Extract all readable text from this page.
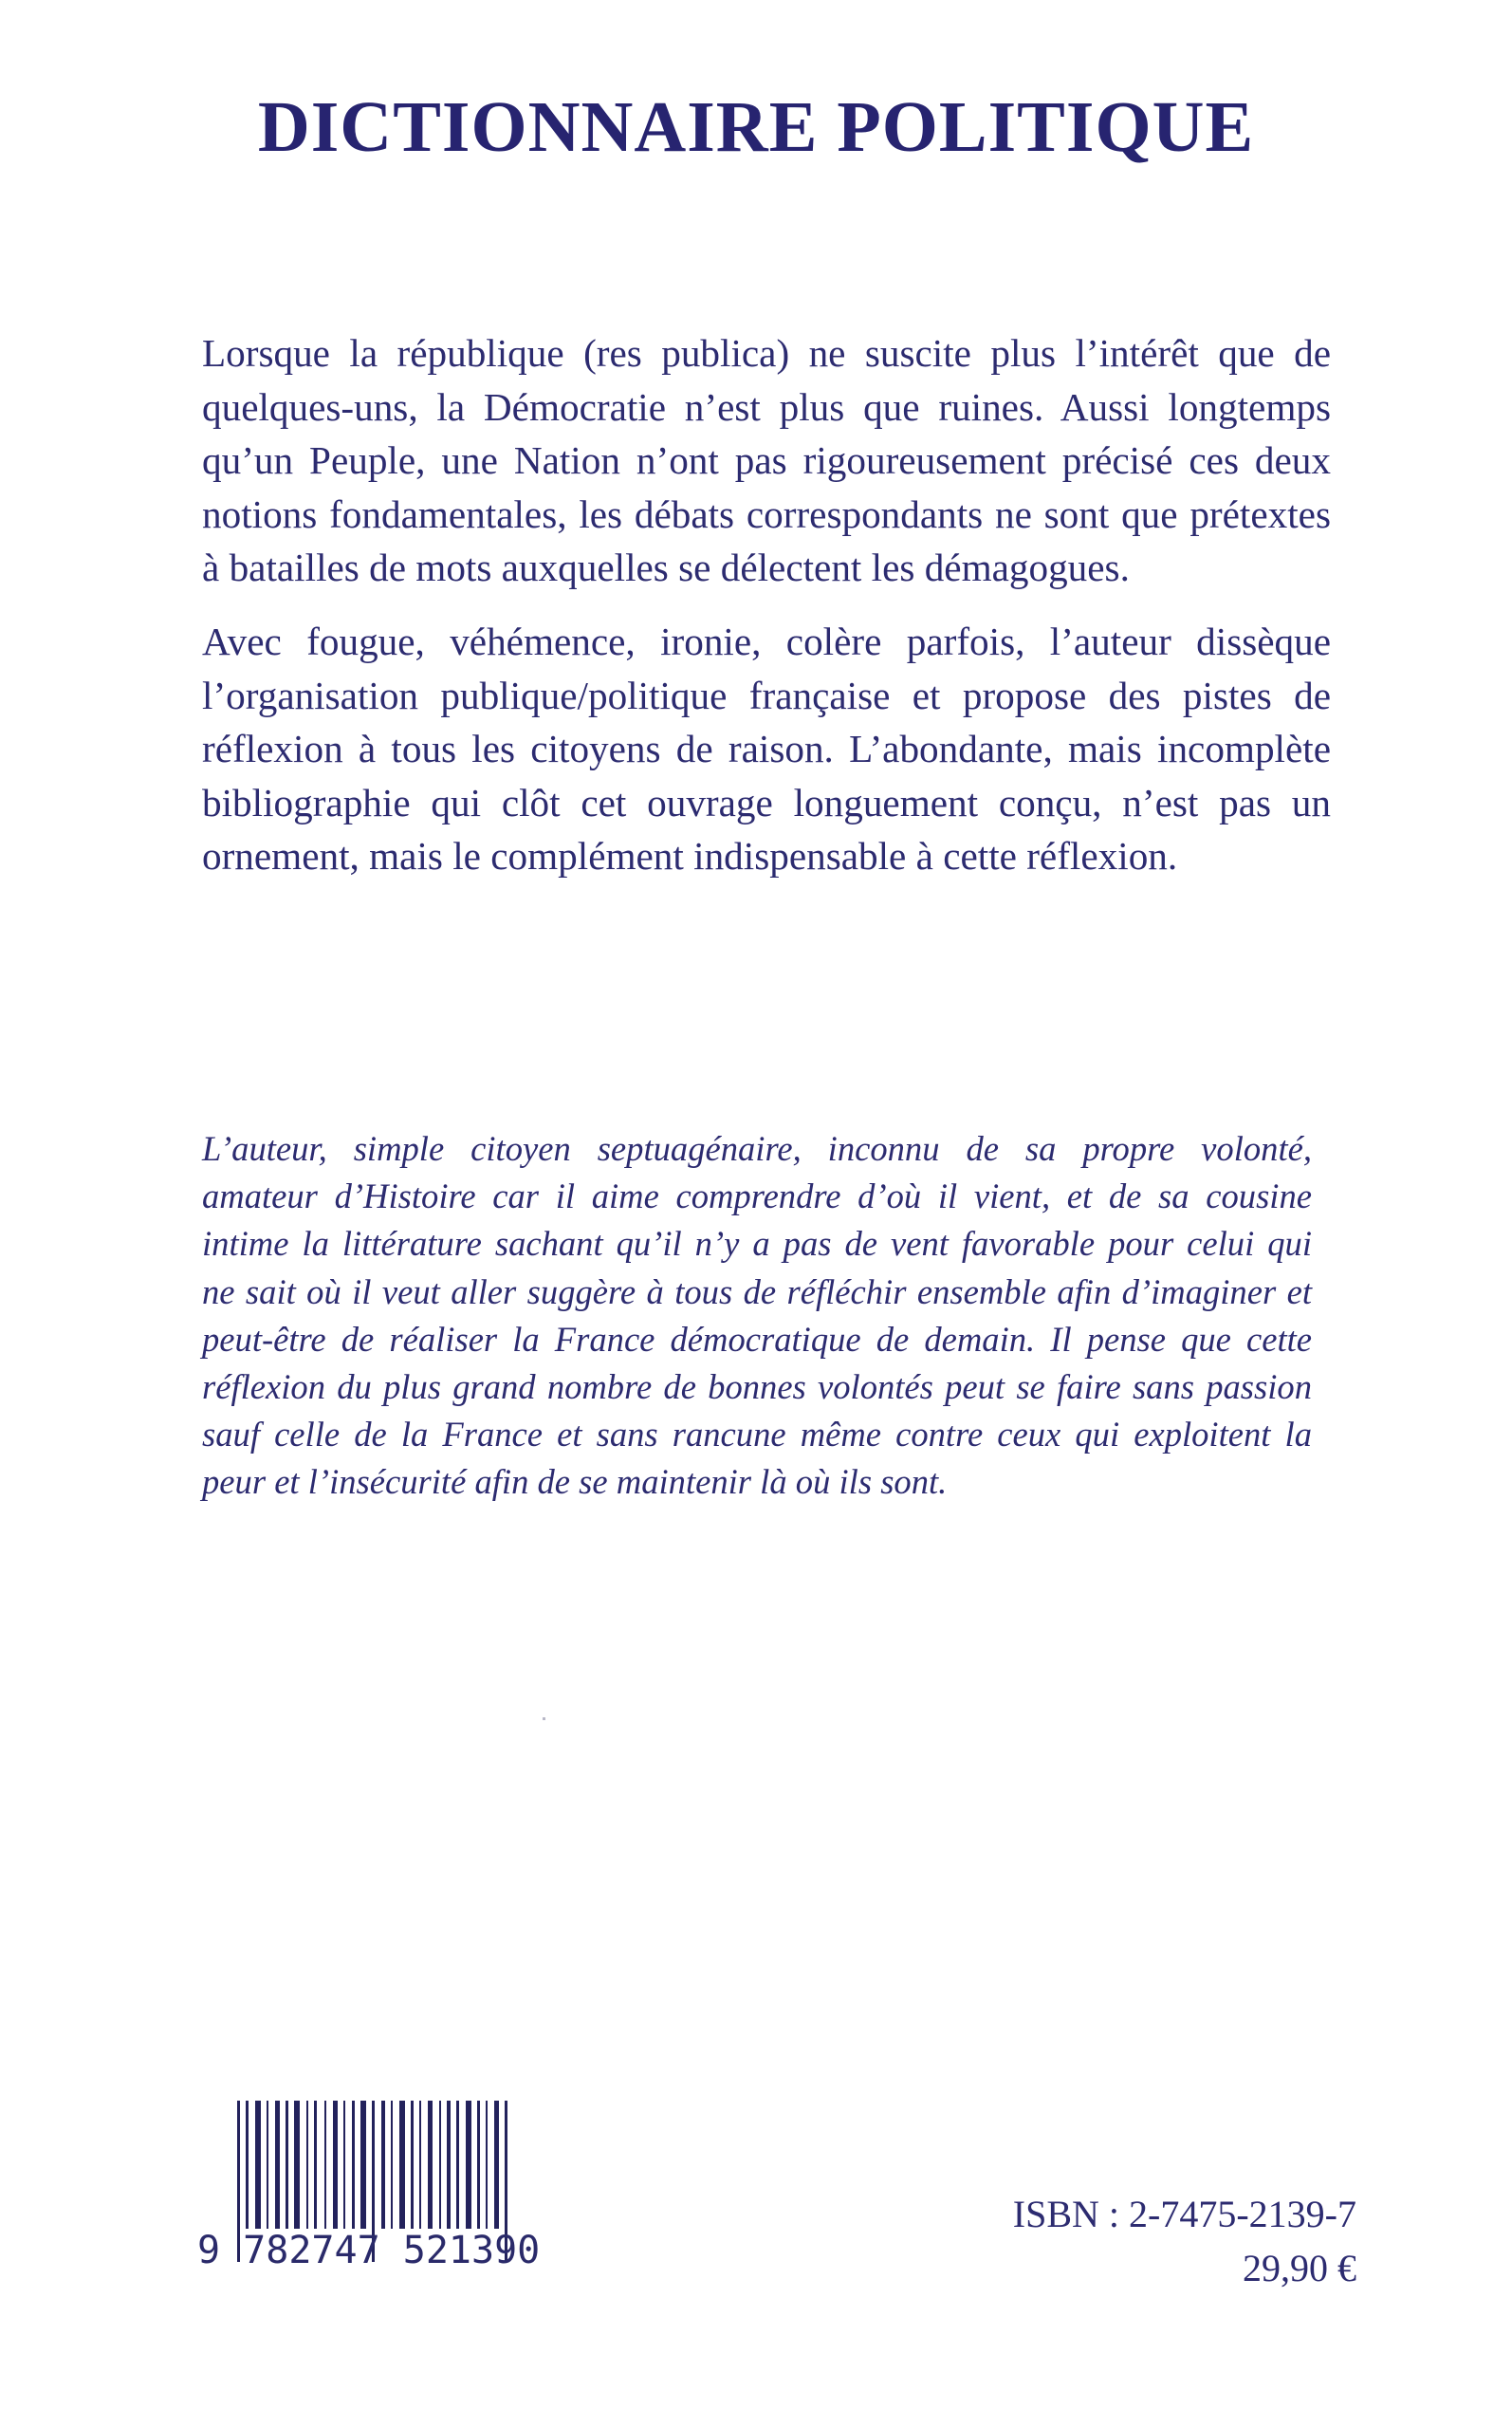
DICTIONNAIRE POLITIQUE
Lorsque la république (res publica) ne suscite plus l’intérêt que de
quelques-uns, la Démocratie n’est plus que ruines. Aussi longtemps
qu’un Peuple, une Nation n’ont pas rigoureusement précisé ces deux
notions fondamentales, les débats correspondants ne sont que prétextes
à batailles de mots auxquelles se délectent les démagogues.
Avec fougue, véhémence, ironie, colère parfois, l’auteur dissèque
l’organisation publique/politique française et propose des pistes de
réflexion à tous les citoyens de raison. L’abondante, mais incomplète
bibliographie qui clôt cet ouvrage longuement conçu, n’est pas un
ornement, mais le complément indispensable à cette réflexion.
L’auteur, simple citoyen septuagénaire, inconnu de sa propre volonté,
amateur d’Histoire car il aime comprendre d’où il vient, et de sa cousine
intime la littérature sachant qu’il n’y a pas de vent favorable pour celui qui
ne sait où il veut aller suggère à tous de réfléchir ensemble afin d’imaginer et
peut-être de réaliser la France démocratique de demain. Il pense que cette
réflexion du plus grand nombre de bonnes volontés peut se faire sans passion
sauf celle de la France et sans rancune même contre ceux qui exploitent la
peur et l’insécurité afin de se maintenir là où ils sont.
9 782747 521390
ISBN : 2-7475-2139-7
29,90 €
